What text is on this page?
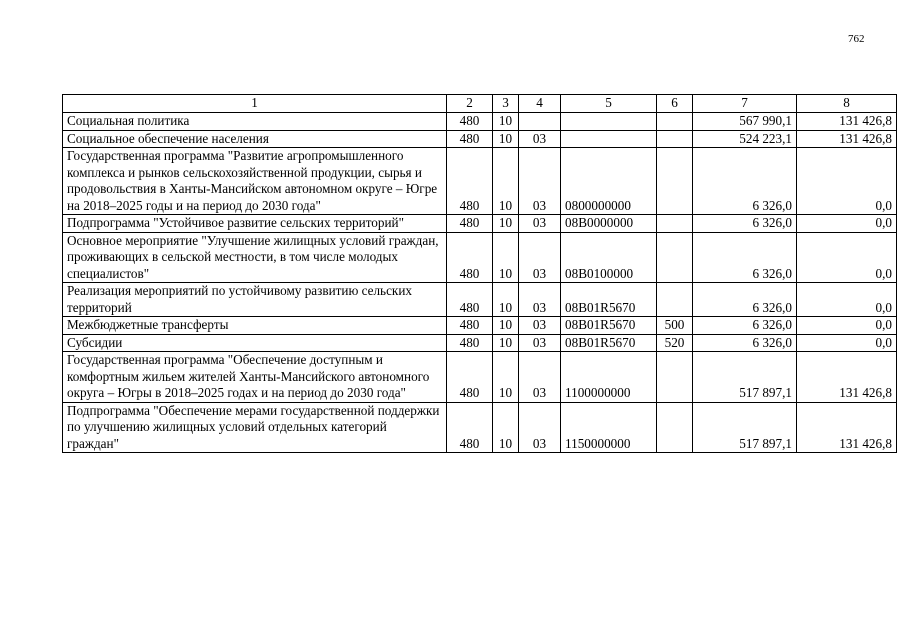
762
1	2	3	4	5	6	7	8
Социальная политика	480	10				567 990,1	131 426,8
Социальное обеспечение населения	480	10	03			524 223,1	131 426,8
Государственная программа "Развитие агропромышленного комплекса и рынков сельскохозяйственной продукции, сырья и продовольствия в Ханты-Мансийском автономном округе – Югре на 2018–2025 годы и на период до 2030 года"	480	10	03	0800000000		6 326,0	0,0
Подпрограмма "Устойчивое развитие сельских территорий"	480	10	03	08B0000000		6 326,0	0,0
Основное мероприятие "Улучшение жилищных условий граждан, проживающих в сельской местности, в том числе молодых специалистов"	480	10	03	08B0100000		6 326,0	0,0
Реализация мероприятий по устойчивому развитию сельских территорий	480	10	03	08B01R5670		6 326,0	0,0
Межбюджетные трансферты	480	10	03	08B01R5670	500	6 326,0	0,0
Субсидии	480	10	03	08B01R5670	520	6 326,0	0,0
Государственная программа "Обеспечение доступным и комфортным жильем жителей Ханты-Мансийского автономного округа – Югры в 2018–2025 годах и на период до 2030 года"	480	10	03	1100000000		517 897,1	131 426,8
Подпрограмма "Обеспечение мерами государственной поддержки по улучшению жилищных условий отдельных категорий граждан"	480	10	03	1150000000		517 897,1	131 426,8
